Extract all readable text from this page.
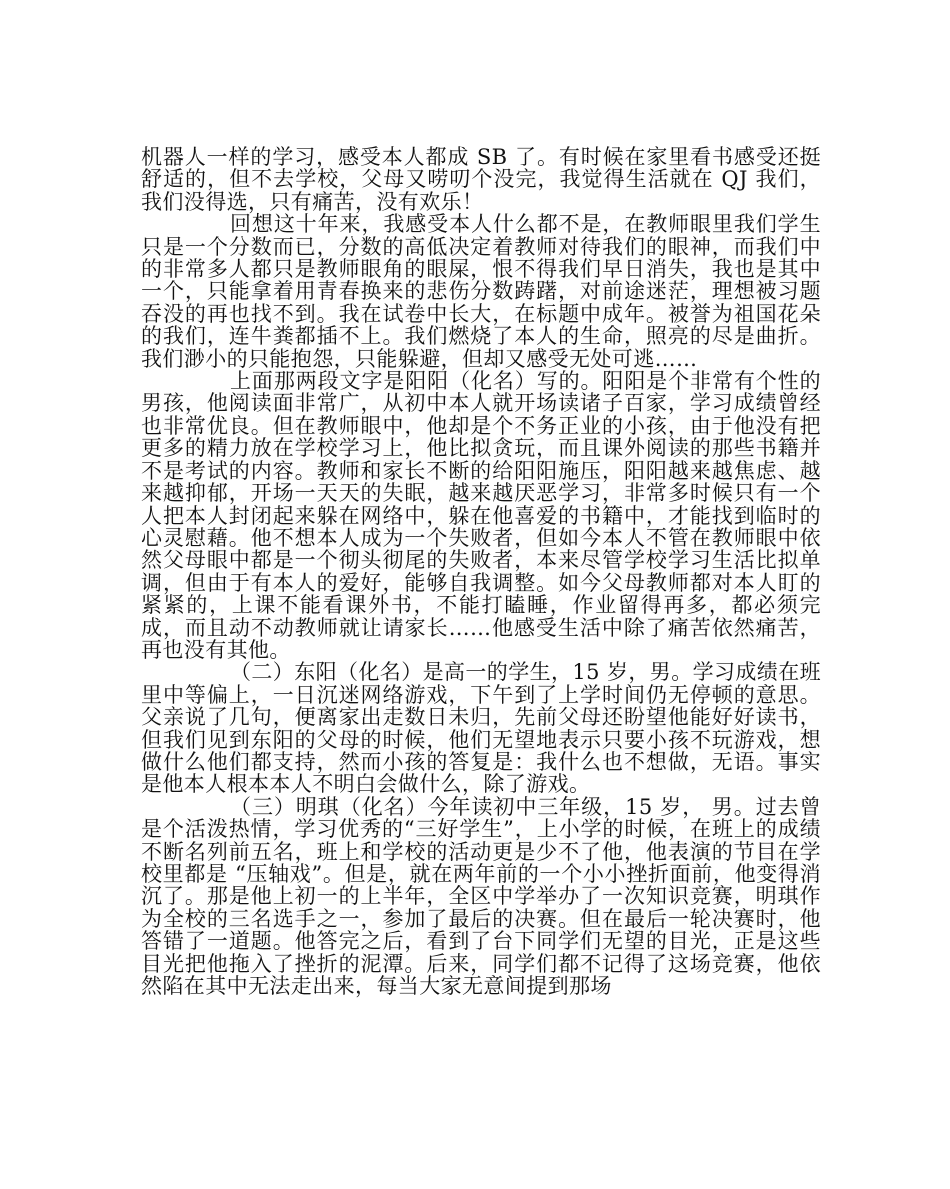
机器人一样的学习，感受本人都成 SB 了。有时候在家里看书感受还挺舒适的，但不去学校，父母又唠叨个没完，我觉得生活就在 QJ 我们，我们没得选，只有痛苦，没有欢乐！

回想这十年来，我感受本人什么都不是，在教师眼里我们学生只是一个分数而已，分数的高低决定着教师对待我们的眼神，而我们中的非常多人都只是教师眼角的眼屎，恨不得我们早日消失，我也是其中一个，只能拿着用青春换来的悲伤分数踌躇，对前途迷茫，理想被习题吞没的再也找不到。我在试卷中长大，在标题中成年。被誉为祖国花朵的我们，连牛粪都插不上。我们燃烧了本人的生命，照亮的尽是曲折。 我们渺小的只能抱怨，只能躲避，但却又感受无处可逃……

上面那两段文字是阳阳（化名）写的。阳阳是个非常有个性的男孩，他阅读面非常广，从初中本人就开场读诸子百家，学习成绩曾经也非常优良。但在教师眼中，他却是个不务正业的小孩，由于他没有把更多的精力放在学校学习上，他比拟贪玩，而且课外阅读的那些书籍并不是考试的内容。教师和家长不断的给阳阳施压，阳阳越来越焦虑、越来越抑郁，开场一天天的失眠，越来越厌恶学习，非常多时候只有一个人把本人封闭起来躲在网络中，躲在他喜爱的书籍中，才能找到临时的心灵慰藉。他不想本人成为一个失败者，但如今本人不管在教师眼中依然父母眼中都是一个彻头彻尾的失败者，本来尽管学校学习生活比拟单调，但由于有本人的爱好，能够自我调整。如今父母教师都对本人盯的紧紧的，上课不能看课外书，不能打瞌睡，作业留得再多，都必须完成，而且动不动教师就让请家长……他感受生活中除了痛苦依然痛苦，再也没有其他。

（二）东阳（化名）是高一的学生，15 岁，男。学习成绩在班里中等偏上，一日沉迷网络游戏，下午到了上学时间仍无停顿的意思。父亲说了几句，便离家出走数日未归，先前父母还盼望他能好好读书，但我们见到东阳的父母的时候，他们无望地表示只要小孩不玩游戏，想做什么他们都支持，然而小孩的答复是：我什么也不想做，无语。事实是他本人根本本人不明白会做什么，除了游戏。

（三）明琪（化名）今年读初中三年级，15 岁， 男。过去曾是个活泼热情，学习优秀的“三好学生”，上小学的时候，在班上的成绩不断名列前五名，班上和学校的活动更是少不了他，他表演的节目在学校里都是 “压轴戏”。但是，就在两年前的一个小小挫折面前，他变得消沉了。那是他上初一的上半年，全区中学举办了一次知识竞赛，明琪作 为全校的三名选手之一，参加了最后的决赛。但在最后一轮决赛时，他答错了一道题。他答完之后，看到了台下同学们无望的目光，正是这些目光把他拖入了挫折的泥潭。后来，同学们都不记得了这场竞赛，他依然陷在其中无法走出来，每当大家无意间提到那场
